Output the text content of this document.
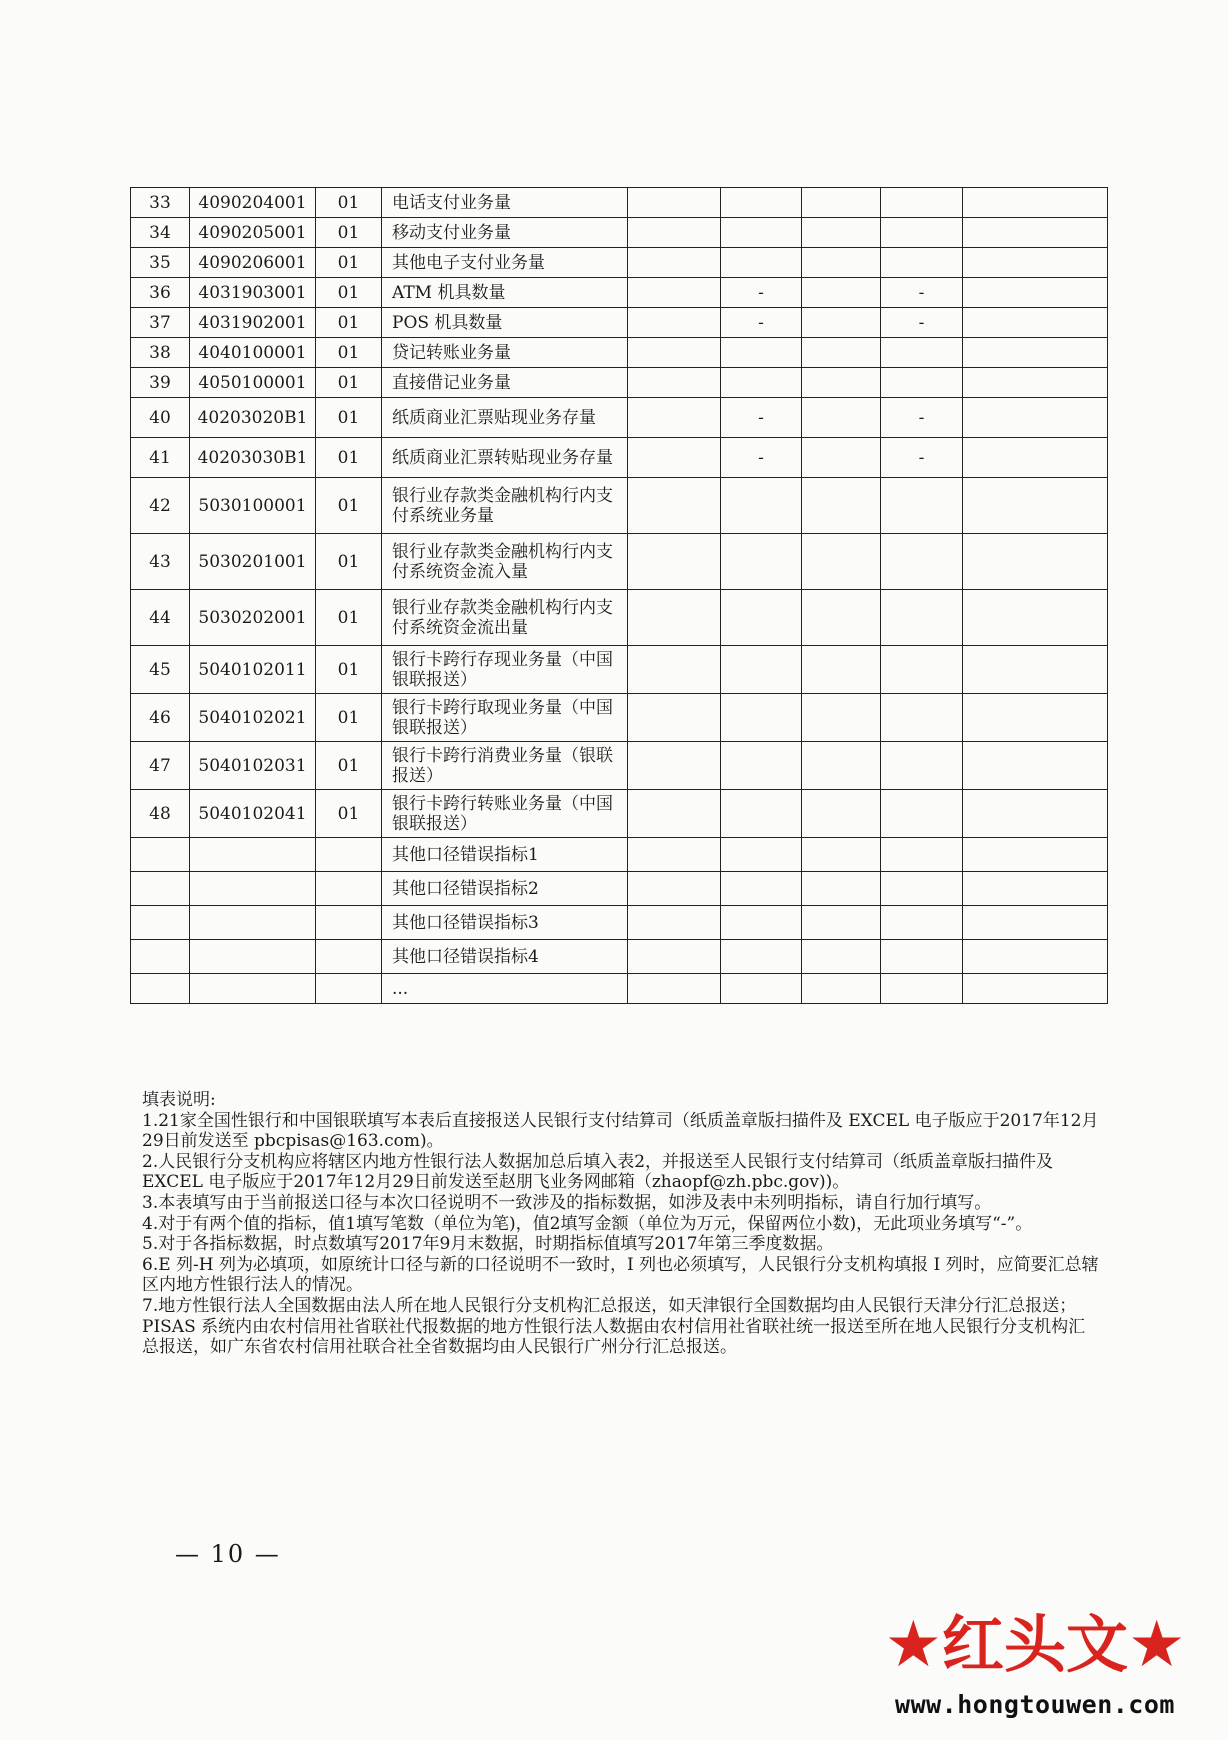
33	4090204001	01	电话支付业务量					
34	4090205001	01	移动支付业务量					
35	4090206001	01	其他电子支付业务量					
36	4031903001	01	ATM 机具数量		-		-	
37	4031902001	01	POS 机具数量		-		-	
38	4040100001	01	贷记转账业务量					
39	4050100001	01	直接借记业务量					
40	40203020B1	01	纸质商业汇票贴现业务存量		-		-	
41	40203030B1	01	纸质商业汇票转贴现业务存量		-		-	
42	5030100001	01	银行业存款类金融机构行内支付系统业务量					
43	5030201001	01	银行业存款类金融机构行内支付系统资金流入量					
44	5030202001	01	银行业存款类金融机构行内支付系统资金流出量					
45	5040102011	01	银行卡跨行存现业务量（中国银联报送）					
46	5040102021	01	银行卡跨行取现业务量（中国银联报送）					
47	5040102031	01	银行卡跨行消费业务量（银联报送）					
48	5040102041	01	银行卡跨行转账业务量（中国银联报送）					
			其他口径错误指标1					
			其他口径错误指标2					
			其他口径错误指标3					
			其他口径错误指标4					
			...					

填表说明:

1.21家全国性银行和中国银联填写本表后直接报送人民银行支付结算司（纸质盖章版扫描件及 EXCEL 电子版应于2017年12月29日前发送至 pbcpisas@163.com)。

2.人民银行分支机构应将辖区内地方性银行法人数据加总后填入表2，并报送至人民银行支付结算司（纸质盖章版扫描件及 EXCEL 电子版应于2017年12月29日前发送至赵朋飞业务网邮箱（zhaopf@zh.pbc.gov))。

3.本表填写由于当前报送口径与本次口径说明不一致涉及的指标数据，如涉及表中未列明指标，请自行加行填写。

4.对于有两个值的指标，值1填写笔数（单位为笔)，值2填写金额（单位为万元，保留两位小数)，无此项业务填写“-”。

5.对于各指标数据，时点数填写2017年9月末数据，时期指标值填写2017年第三季度数据。

6.E 列-H 列为必填项，如原统计口径与新的口径说明不一致时，I 列也必须填写，人民银行分支机构填报 I 列时，应简要汇总辖区内地方性银行法人的情况。

7.地方性银行法人全国数据由法人所在地人民银行分支机构汇总报送，如天津银行全国数据均由人民银行天津分行汇总报送；PISAS 系统内由农村信用社省联社代报数据的地方性银行法人数据由农村信用社省联社统一报送至所在地人民银行分支机构汇总报送，如广东省农村信用社联合社全省数据均由人民银行广州分行汇总报送。

— 10 —
★红头文★
www.hongtouwen.com
